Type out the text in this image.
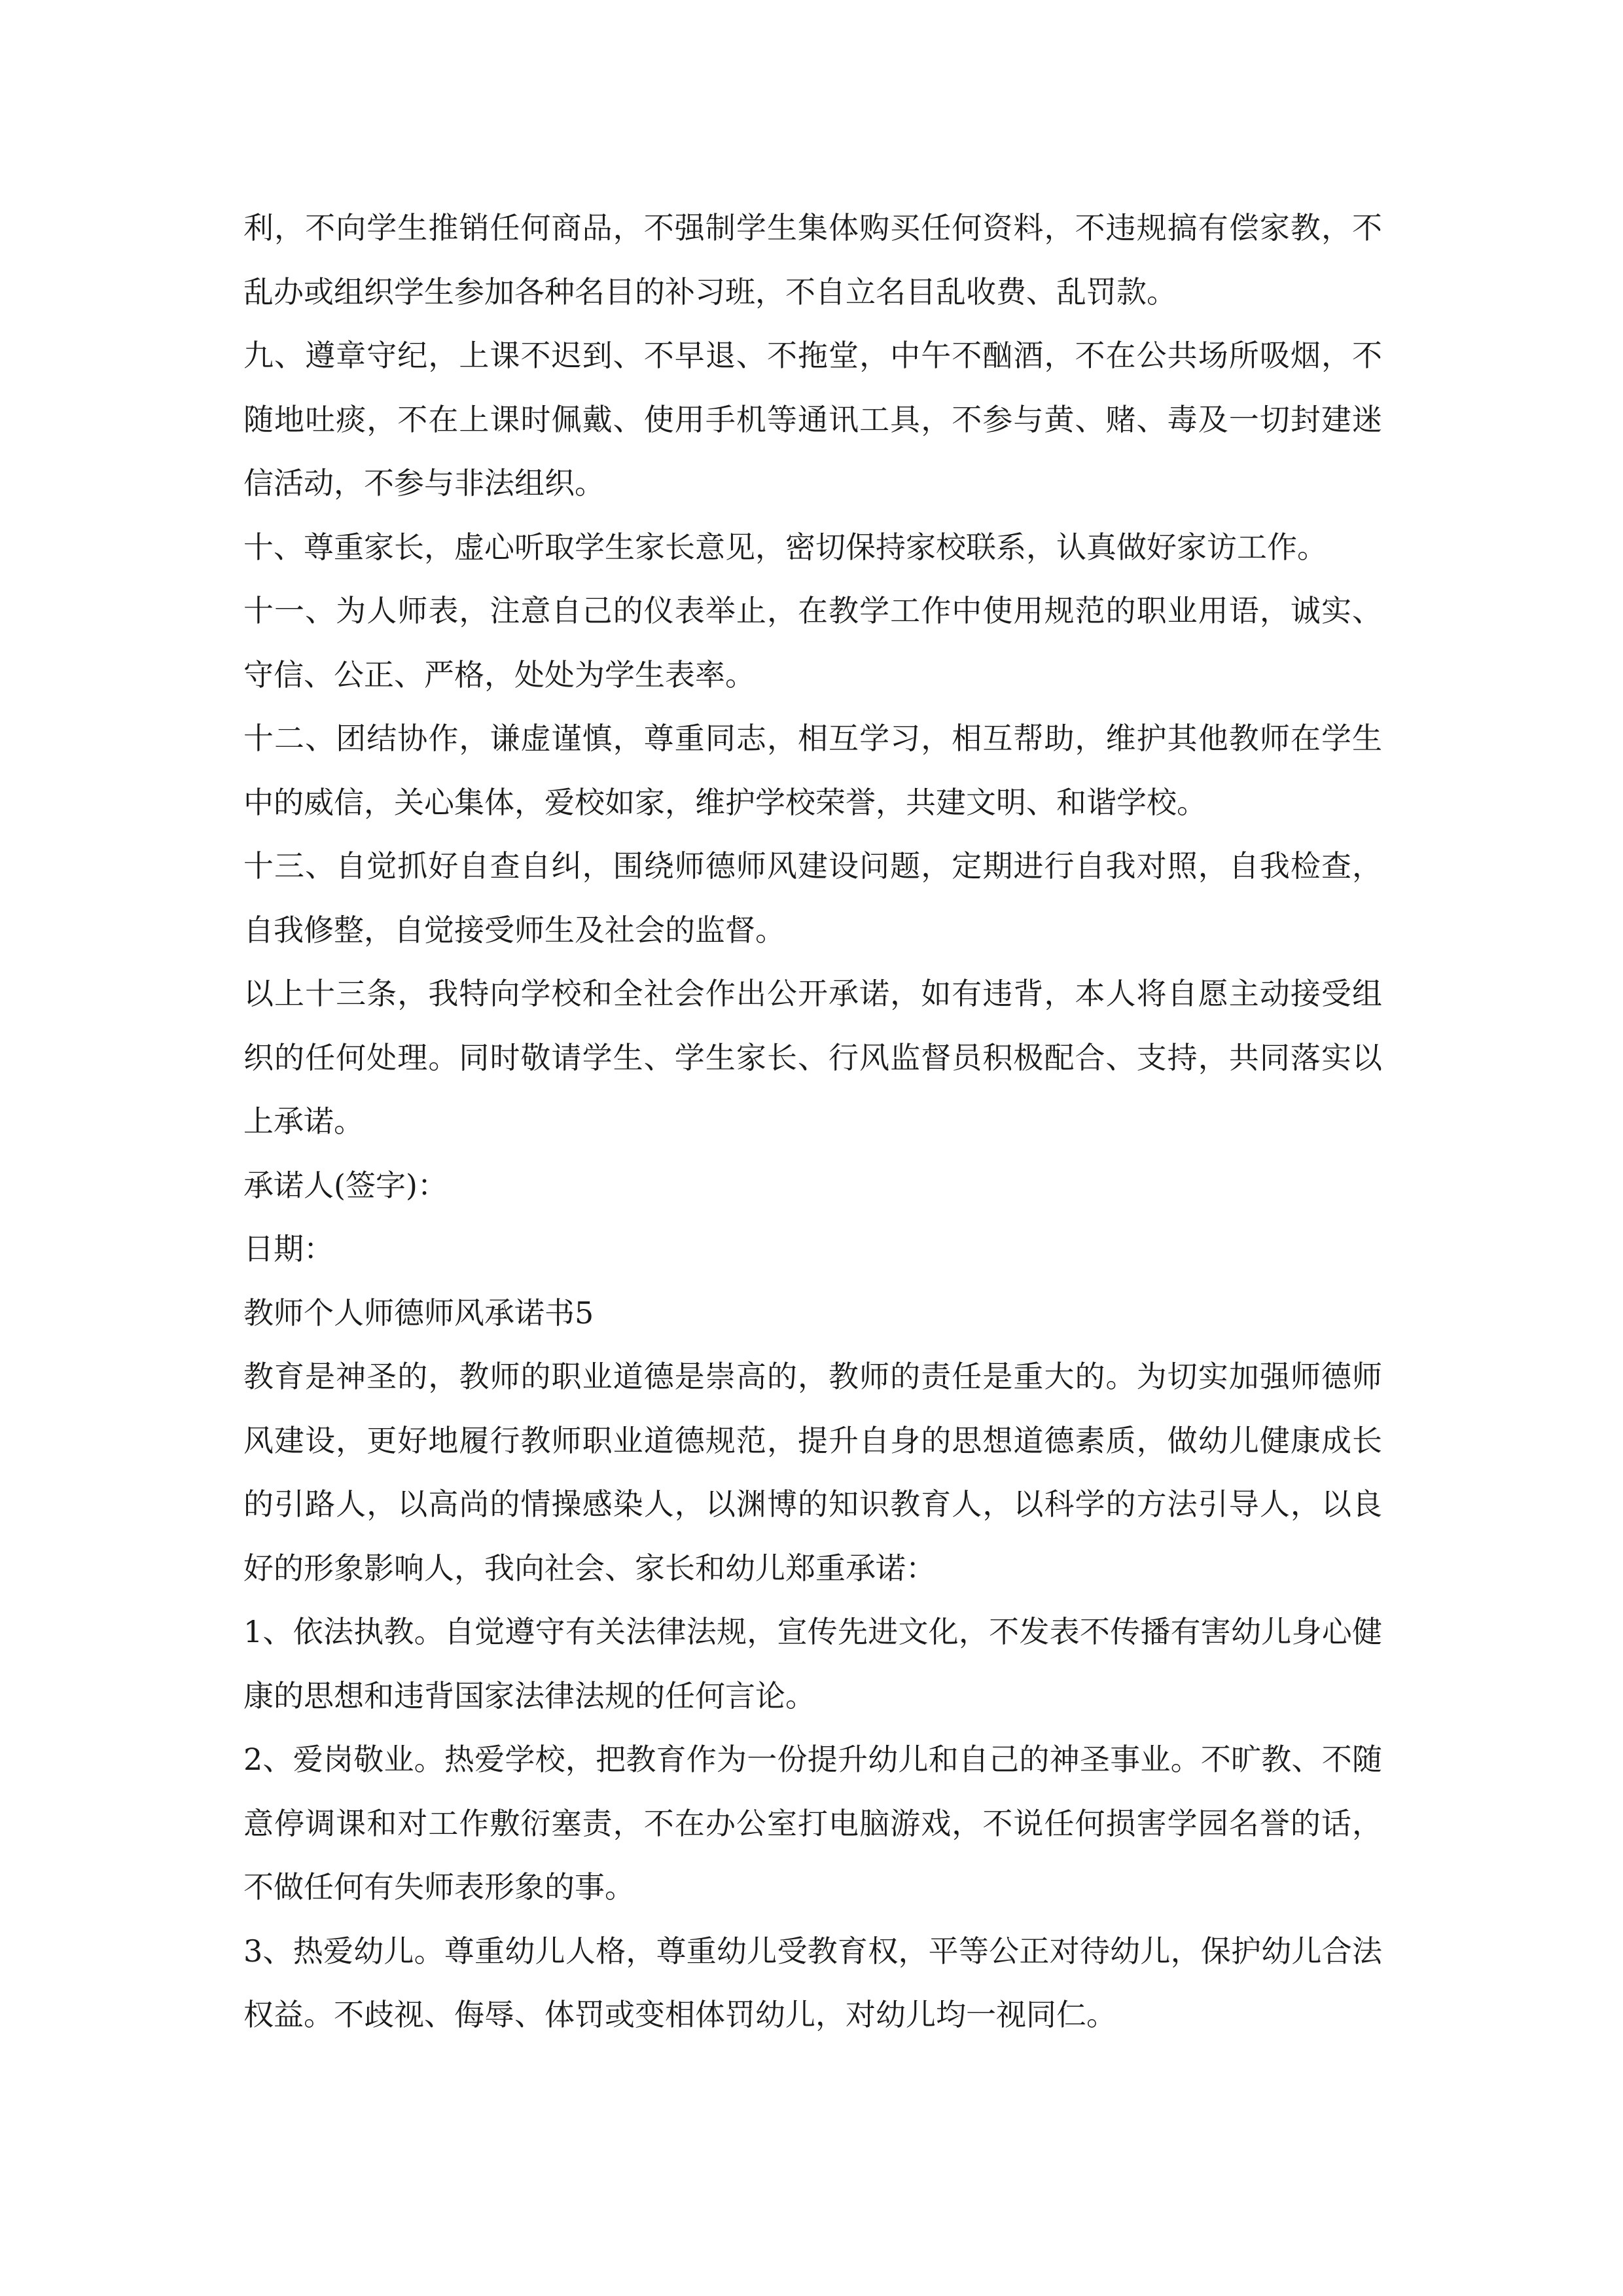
利，不向学生推销任何商品，不强制学生集体购买任何资料，不违规搞有偿家教，不乱办或组织学生参加各种名目的补习班，不自立名目乱收费、乱罚款。

九、遵章守纪，上课不迟到、不早退、不拖堂，中午不酗酒，不在公共场所吸烟，不随地吐痰，不在上课时佩戴、使用手机等通讯工具，不参与黄、赌、毒及一切封建迷信活动，不参与非法组织。

十、尊重家长，虚心听取学生家长意见，密切保持家校联系，认真做好家访工作。

十一、为人师表，注意自己的仪表举止，在教学工作中使用规范的职业用语，诚实、守信、公正、严格，处处为学生表率。

十二、团结协作，谦虚谨慎，尊重同志，相互学习，相互帮助，维护其他教师在学生中的威信，关心集体，爱校如家，维护学校荣誉，共建文明、和谐学校。

十三、自觉抓好自查自纠，围绕师德师风建设问题，定期进行自我对照，自我检查，自我修整，自觉接受师生及社会的监督。

以上十三条，我特向学校和全社会作出公开承诺，如有违背，本人将自愿主动接受组织的任何处理。同时敬请学生、学生家长、行风监督员积极配合、支持，共同落实以上承诺。

承诺人(签字)：

日期：

教师个人师德师风承诺书5

教育是神圣的，教师的职业道德是崇高的，教师的责任是重大的。为切实加强师德师风建设，更好地履行教师职业道德规范，提升自身的思想道德素质，做幼儿健康成长的引路人，以高尚的情操感染人，以渊博的知识教育人，以科学的方法引导人，以良好的形象影响人，我向社会、家长和幼儿郑重承诺：

1、依法执教。自觉遵守有关法律法规，宣传先进文化，不发表不传播有害幼儿身心健康的思想和违背国家法律法规的任何言论。

2、爱岗敬业。热爱学校，把教育作为一份提升幼儿和自己的神圣事业。不旷教、不随意停调课和对工作敷衍塞责，不在办公室打电脑游戏，不说任何损害学园名誉的话，不做任何有失师表形象的事。

3、热爱幼儿。尊重幼儿人格，尊重幼儿受教育权，平等公正对待幼儿，保护幼儿合法权益。不歧视、侮辱、体罚或变相体罚幼儿，对幼儿均一视同仁。
